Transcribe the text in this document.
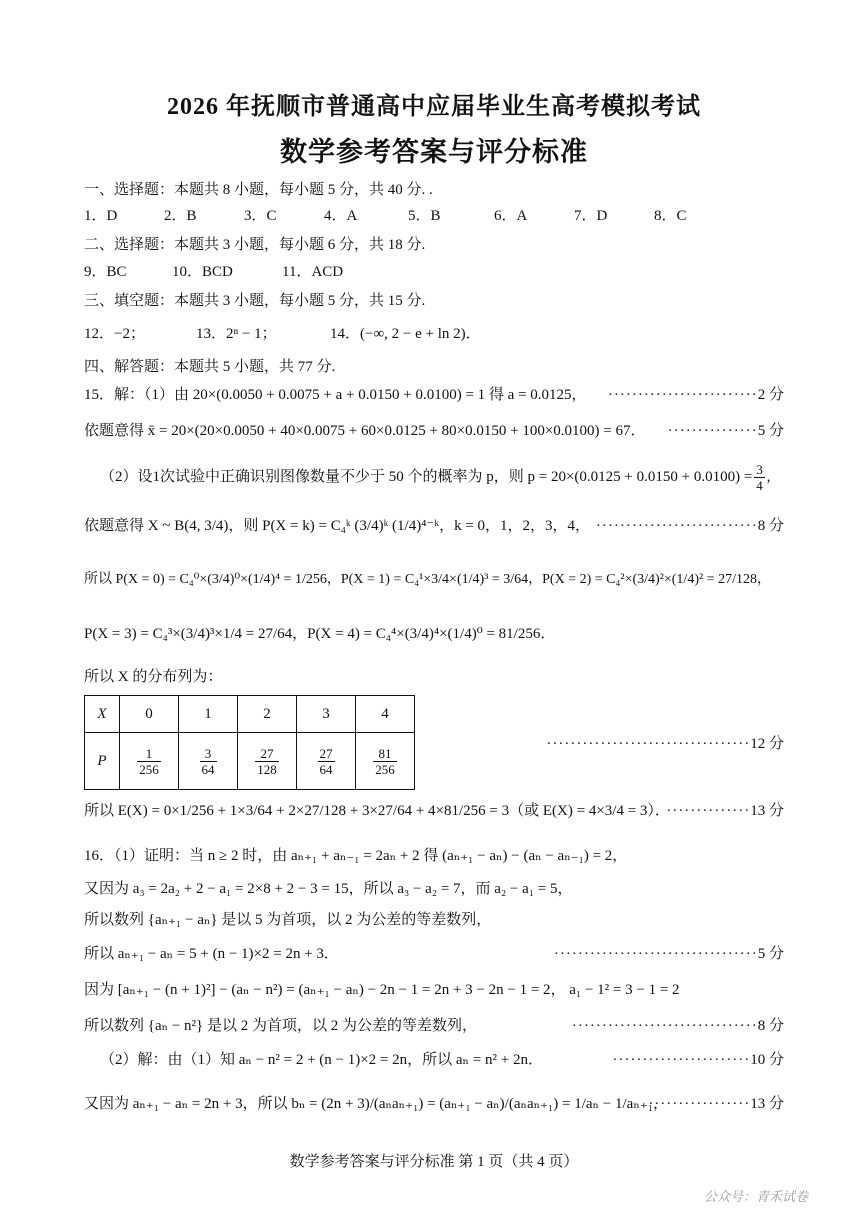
2026 年抚顺市普通高中应届毕业生高考模拟考试
数学参考答案与评分标准
一、选择题：本题共 8 小题，每小题 5 分，共 40 分. .
1．D	2．B	3．C	4．A	5．B	6．A	7．D	8．C
二、选择题：本题共 3 小题，每小题 6 分，共 18 分.
9．BC	10．BCD	11．ACD
三、填空题：本题共 3 小题，每小题 5 分，共 15 分.
12．−2；	13．2ⁿ − 1；	14．(−∞, 2 − e + ln 2)．
四、解答题：本题共 5 小题，共 77 分.
15．解：（1）由 20×(0.0050 + 0.0075 + a + 0.0150 + 0.0100) = 1 得 a = 0.0125， ·························2 分
依题意得 x̄ = 20×(20×0.0050 + 40×0.0075 + 60×0.0125 + 80×0.0150 + 100×0.0100) = 67． ···············5 分
（2）设1次试验中正确识别图像数量不少于 50 个的概率为 p，则 $p = 20\times(0.0125 + 0.0150 + 0.0100) = \frac{3}{4}$ ,
依题意得 X ~ B(4, 3/4)，则 P(X = k) = C₄ᵏ (3/4)ᵏ (1/4)⁴⁻ᵏ，k = 0，1，2，3，4， ···························8 分
所以 P(X = 0) = C₄⁰×(3/4)⁰×(1/4)⁴ = 1/256，P(X = 1) = C₄¹×3/4×(1/4)³ = 3/64，P(X = 2) = C₄²×(3/4)²×(1/4)² = 27/128，
P(X = 3) = C₄³×(3/4)³×1/4 = 27/64，P(X = 4) = C₄⁴×(3/4)⁴×(1/4)⁰ = 81/256．
所以 X 的分布列为：
X	0	1	2	3	4
P	$\frac{1}{256}$	$\frac{3}{64}$	$\frac{27}{128}$	$\frac{27}{64}$	$\frac{81}{256}$
··································12 分
所以 E(X) = 0×1/256 + 1×3/64 + 2×27/128 + 3×27/64 + 4×81/256 = 3（或 E(X) = 4×3/4 = 3）．
··············13 分
16．（1）证明：当 n ≥ 2 时，由 aₙ₊₁ + aₙ₋₁ = 2aₙ + 2 得 (aₙ₊₁ − aₙ) − (aₙ − aₙ₋₁) = 2，
又因为 a₃ = 2a₂ + 2 − a₁ = 2×8 + 2 − 3 = 15，所以 a₃ − a₂ = 7，而 a₂ − a₁ = 5，
所以数列 {aₙ₊₁ − aₙ} 是以 5 为首项，以 2 为公差的等差数列，
所以 aₙ₊₁ − aₙ = 5 + (n − 1)×2 = 2n + 3．	··································5 分
因为 [aₙ₊₁ − (n + 1)²] − (aₙ − n²) = (aₙ₊₁ − aₙ) − 2n − 1 = 2n + 3 − 2n − 1 = 2， a₁ − 1² = 3 − 1 = 2
所以数列 {aₙ − n²} 是以 2 为首项，以 2 为公差的等差数列，	·······························8 分
（2）解：由（1）知 aₙ − n² = 2 + (n − 1)×2 = 2n，所以 aₙ = n² + 2n．	·······················10 分
又因为 aₙ₊₁ − aₙ = 2n + 3，所以 bₙ = (2n + 3)/(aₙaₙ₊₁) = (aₙ₊₁ − aₙ)/(aₙaₙ₊₁) = 1/aₙ − 1/aₙ₊₁，
·················13 分
数学参考答案与评分标准 第 1 页（共 4 页）
公众号：青禾试卷
